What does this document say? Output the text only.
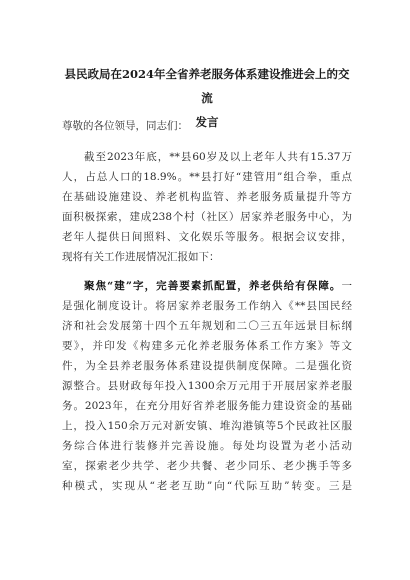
县民政局在2024年全省养老服务体系建设推进会上的交流
发言
尊敬的各位领导，同志们：
截至2023年底，**县60岁及以上老年人共有15.37万
人，占总人口的18.9%。**县打好“建管用”组合拳，重点
在基础设施建设、养老机构监管、养老服务质量提升等方
面积极探索，建成238个村（社区）居家养老服务中心，为
老年人提供日间照料、文化娱乐等服务。根据会议安排，
现将有关工作进展情况汇报如下：
聚焦“建”字，完善要素抓配置，养老供给有保障。一
是强化制度设计。将居家养老服务工作纳入《**县国民经
济和社会发展第十四个五年规划和二〇三五年远景目标纲
要》，并印发《构建多元化养老服务体系工作方案》等文
件，为全县养老服务体系建设提供制度保障。二是强化资
源整合。县财政每年投入1300余万元用于开展居家养老服
务。2023年，在充分用好省养老服务能力建设资金的基础
上，投入150余万元对新安镇、堆沟港镇等5个民政社区服
务综合体进行装修并完善设施。每处均设置为老小活动
室，探索老少共学、老少共餐、老少同乐、老少携手等多
种模式，实现从“老老互助”向“代际互助”转变。三是
